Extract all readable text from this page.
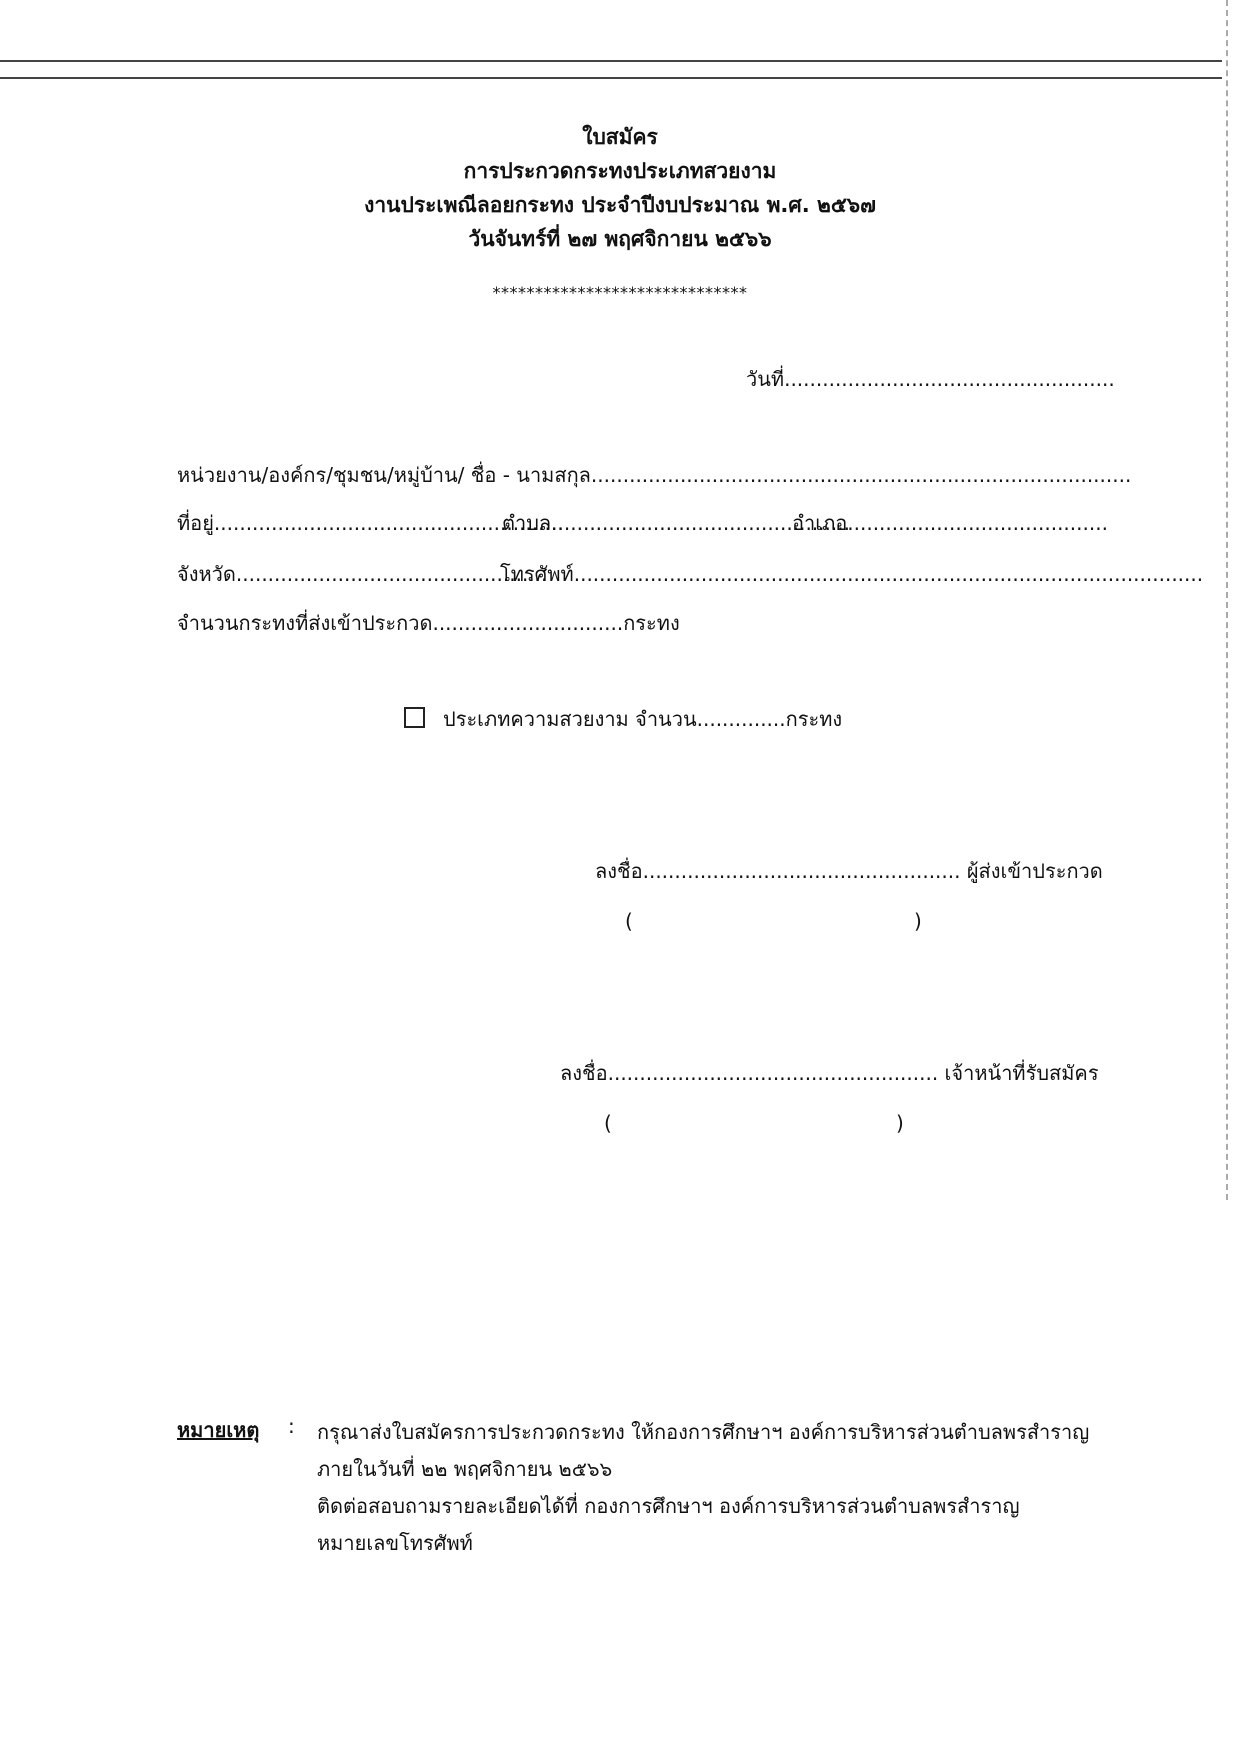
ใบสมัคร
การประกวดกระทงประเภทสวยงาม
งานประเพณีลอยกระทง ประจำปีงบประมาณ พ.ศ. ๒๕๖๗
วันจันทร์ที่ ๒๗ พฤศจิกายน ๒๕๖๖
******************************
วันที่....................................................
หน่วยงาน/องค์กร/ชุมชน/หมู่บ้าน/ ชื่อ - นามสกุล.....................................................................................
ที่อยู่.......................................................
ตำบล...............................................
อำเภอ.........................................
จังหวัด.................................................
โทรศัพท์...................................................................................................
จำนวนกระทงที่ส่งเข้าประกวด..............................กระทง
ประเภทความสวยงาม จำนวน..............กระทง
ลงชื่อ.................................................. ผู้ส่งเข้าประกวด
(	)
ลงชื่อ.................................................... เจ้าหน้าที่รับสมัคร
(	)
หมายเหตุ : กรุณาส่งใบสมัครการประกวดกระทง ให้กองการศึกษาฯ องค์การบริหารส่วนตำบลพรสำราญ
ภายในวันที่ ๒๒ พฤศจิกายน ๒๕๖๖
ติดต่อสอบถามรายละเอียดได้ที่ กองการศึกษาฯ องค์การบริหารส่วนตำบลพรสำราญ
หมายเลขโทรศัพท์
